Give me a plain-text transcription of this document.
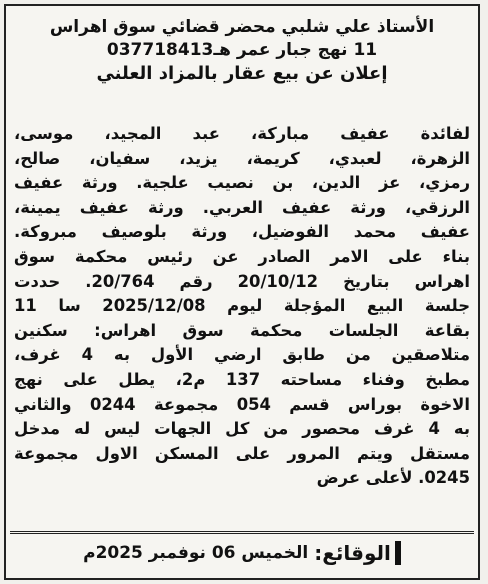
الأستاذ علي شلبي محضر قضائي سوق اهراس
11 نهج جبار عمر هـ037718413
إعلان عن بيع عقار بالمزاد العلني
لفائدة عفيف مباركة، عبد المجيد، موسى،
الزهرة، لعبدي، كريمة، يزيد، سفيان، صالح،
رمزي، عز الدين، بن نصيب علجية. ورثة عفيف
الرزقي، ورثة عفيف العربي. ورثة عفيف يمينة،
عفيف محمد الفوضيل، ورثة بلوصيف مبروكة.
بناء على الامر الصادر عن رئيس محكمة سوق
اهراس بتاريخ 20/10/12 رقم 20/764. حددت
جلسة البيع المؤجلة ليوم 2025/12/08 سا 11
بقاعة الجلسات محكمة سوق اهراس: سكنين
متلاصقين من طابق ارضي الأول به 4 غرف،
مطبخ وفناء مساحته 137 م2، يطل على نهج
الاخوة بوراس قسم 054 مجموعة 0244 والثاني
به 4 غرف محصور من كل الجهات ليس له مدخل
مستقل ويتم المرور على المسكن الاول مجموعة
0245. لأعلى عرض
الوقائع:
الخميس 06 نوفمبر 2025م
